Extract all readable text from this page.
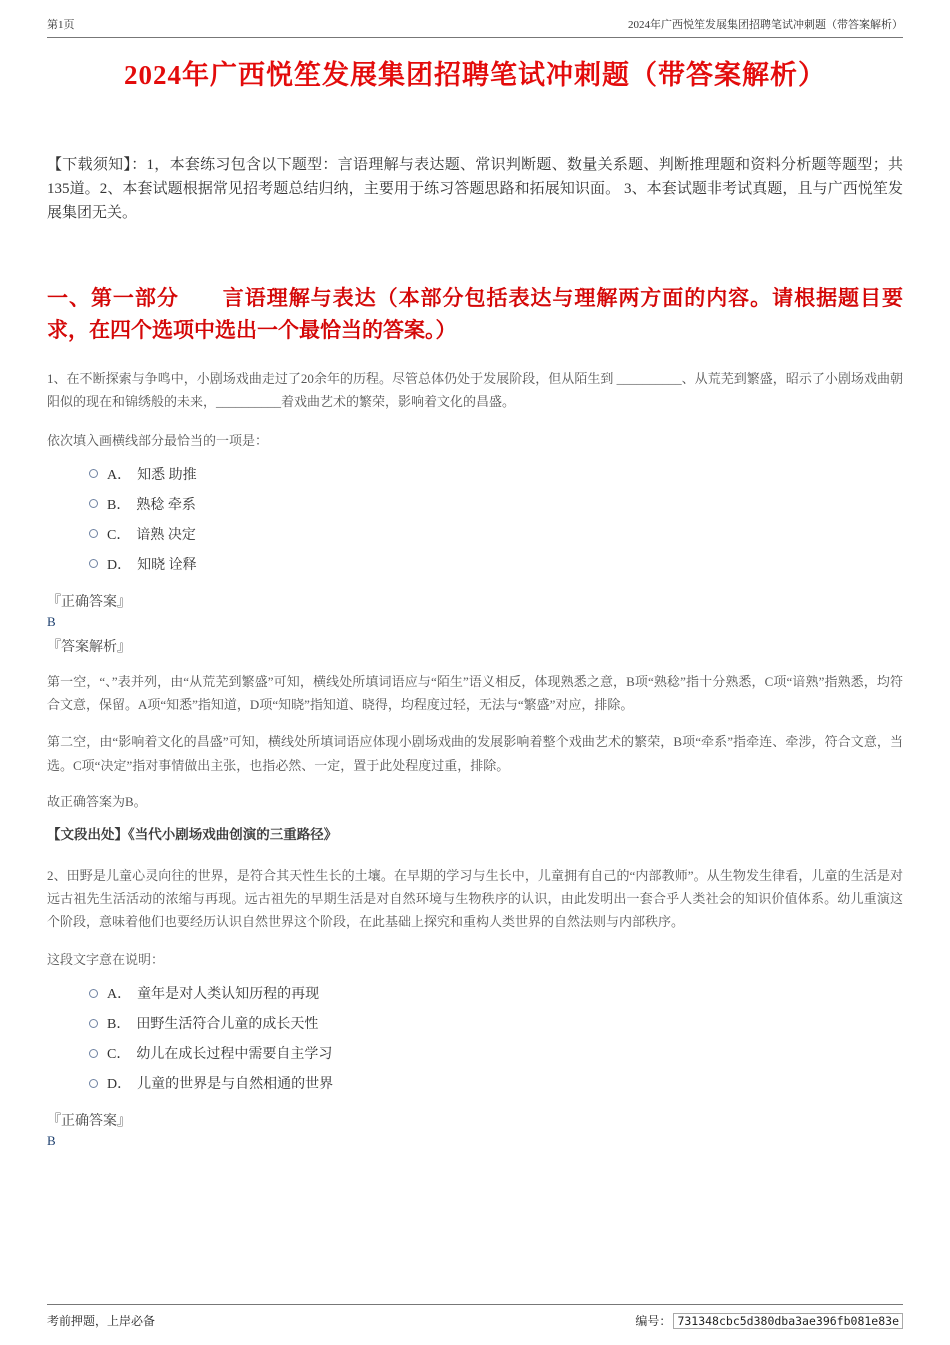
第1页	2024年广西悦笙发展集团招聘笔试冲刺题（带答案解析）
2024年广西悦笙发展集团招聘笔试冲刺题（带答案解析）

【下载须知】：1，本套练习包含以下题型：言语理解与表达题、常识判断题、数量关系题、判断推理题和资料分析题等题型；共135道。2、本套试题根据常见招考题总结归纳，主要用于练习答题思路和拓展知识面。 3、本套试题非考试真题，且与广西悦笙发展集团无关。

一、第一部分　　言语理解与表达（本部分包括表达与理解两方面的内容。请根据题目要求，在四个选项中选出一个最恰当的答案。）

1、在不断探索与争鸣中，小剧场戏曲走过了20余年的历程。尽管总体仍处于发展阶段，但从陌生到 __________、从荒芜到繁盛，昭示了小剧场戏曲朝阳似的现在和锦绣般的未来，__________着戏曲艺术的繁荣，影响着文化的昌盛。

依次填入画横线部分最恰当的一项是：

A． 知悉 助推
B． 熟稔 牵系
C． 谙熟 决定
D． 知晓 诠释

『正确答案』

B

『答案解析』

第一空，“、”表并列，由“从荒芜到繁盛”可知，横线处所填词语应与“陌生”语义相反，体现熟悉之意，B项“熟稔”指十分熟悉，C项“谙熟”指熟悉，均符合文意，保留。A项“知悉”指知道，D项“知晓”指知道、晓得，均程度过轻，无法与“繁盛”对应，排除。

第二空，由“影响着文化的昌盛”可知，横线处所填词语应体现小剧场戏曲的发展影响着整个戏曲艺术的繁荣，B项“牵系”指牵连、牵涉，符合文意，当选。C项“决定”指对事情做出主张，也指必然、一定，置于此处程度过重，排除。

故正确答案为B。

【文段出处】《当代小剧场戏曲创演的三重路径》

2、田野是儿童心灵向往的世界，是符合其天性生长的土壤。在早期的学习与生长中，儿童拥有自己的“内部教师”。从生物发生律看，儿童的生活是对远古祖先生活活动的浓缩与再现。远古祖先的早期生活是对自然环境与生物秩序的认识，由此发明出一套合乎人类社会的知识价值体系。幼儿重演这个阶段，意味着他们也要经历认识自然世界这个阶段，在此基础上探究和重构人类世界的自然法则与内部秩序。

这段文字意在说明：

A． 童年是对人类认知历程的再现
B． 田野生活符合儿童的成长天性
C． 幼儿在成长过程中需要自主学习
D． 儿童的世界是与自然相通的世界

『正确答案』

B

考前押题，上岸必备	编号： 731348cbc5d380dba3ae396fb081e83e
